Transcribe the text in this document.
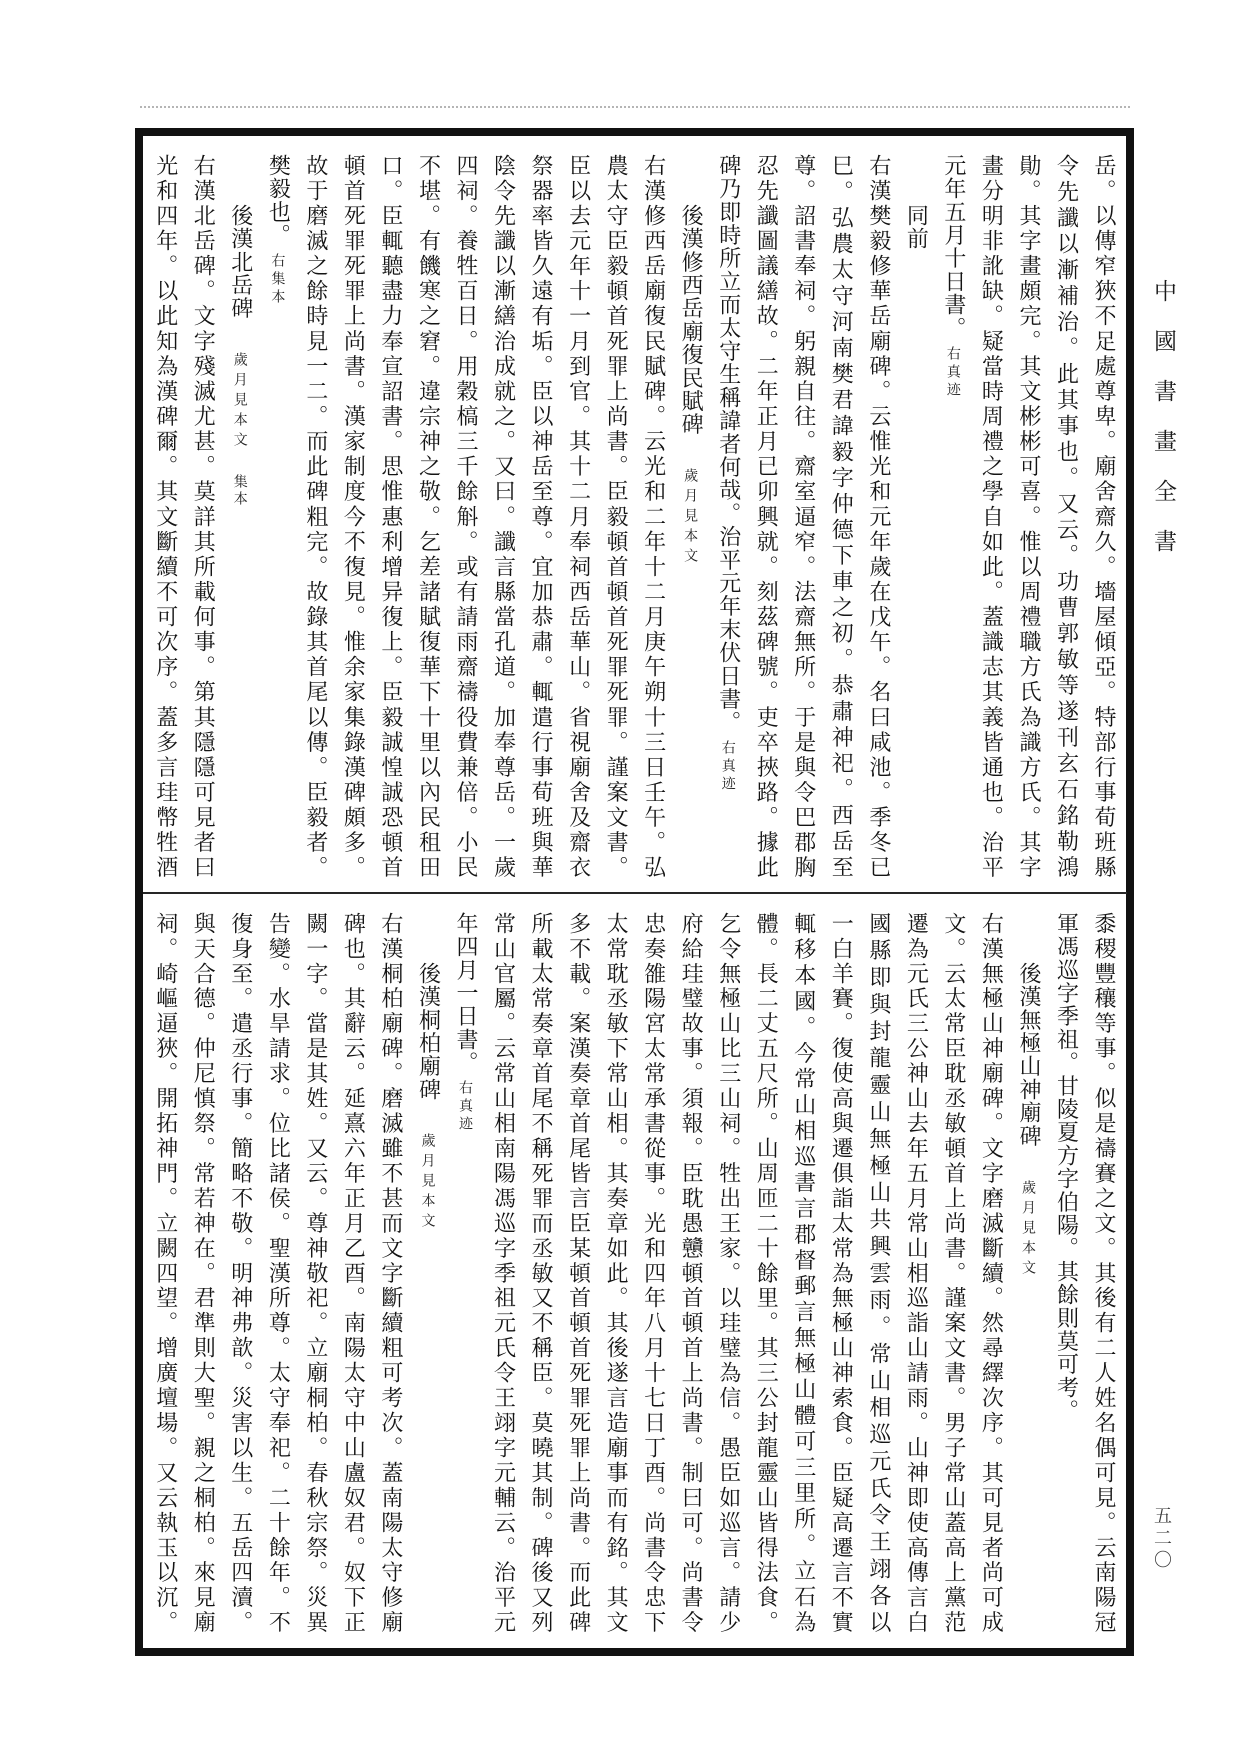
中國書畫全書
五二〇
岳。以傳窄狹不足處尊卑。廟舍齋久。墻屋傾亞。特部行事荀班縣
令先讖以漸補治。此其事也。又云。功曹郭敏等遂刊玄石銘勒鴻
勛。其字畫頗完。其文彬彬可喜。惟以周禮職方氏為識方氏。其字
畫分明非訛缺。疑當時周禮之學自如此。蓋識志其義皆通也。治平
元年五月十日書。右真迹
同前
右漢樊毅修華岳廟碑。云惟光和元年歲在戊午。名曰咸池。季冬已
巳。弘農太守河南樊君諱毅字仲德下車之初。恭肅神祀。西岳至
尊。詔書奉祠。躬親自往。齋室逼窄。法齋無所。于是與令巴郡胸
忍先讖圖議繕故。二年正月已卯興就。刻茲碑號。吏卒挾路。據此
碑乃即時所立而太守生稱諱者何哉。治平元年末伏日書。右真迹
後漢修西岳廟復民賦碑歲月見本文
右漢修西岳廟復民賦碑。云光和二年十二月庚午朔十三日壬午。弘
農太守臣毅頓首死罪上尚書。臣毅頓首頓首死罪死罪。謹案文書。
臣以去元年十一月到官。其十二月奉祠西岳華山。省視廟舍及齋衣
祭器率皆久遠有垢。臣以神岳至尊。宜加恭肅。輒遣行事荀班與華
陰令先讖以漸繕治成就之。又曰。讖言縣當孔道。加奉尊岳。一歲
四祠。養牲百日。用穀槁三千餘斛。或有請雨齋禱役費兼倍。小民
不堪。有饑寒之窘。違宗神之敬。乞差諸賦復華下十里以內民租田
口。臣輒聽盡力奉宣詔書。思惟惠利增异復上。臣毅誠惶誠恐頓首
頓首死罪死罪上尚書。漢家制度今不復見。惟余家集錄漢碑頗多。
故于磨滅之餘時見一二。而此碑粗完。故錄其首尾以傳。臣毅者。
樊毅也。右集本
後漢北岳碑歲月見本文集本
右漢北岳碑。文字殘滅尤甚。莫詳其所載何事。第其隱隱可見者曰
光和四年。以此知為漢碑爾。其文斷續不可次序。蓋多言珪幣牲酒
黍稷豐穰等事。似是禱賽之文。其後有二人姓名偶可見。云南陽冠
軍馮巡字季祖。甘陵夏方字伯陽。其餘則莫可考。
後漢無極山神廟碑歲月見本文
右漢無極山神廟碑。文字磨滅斷續。然尋繹次序。其可見者尚可成
文。云太常臣耽丞敏頓首上尚書。謹案文書。男子常山蓋高上黨范
遷為元氏三公神山去年五月常山相巡詣山請雨。山神即使高傳言白
國縣即與封龍靈山無極山共興雲雨。常山相巡元氏令王翊各以
一白羊賽。復使高與遷俱詣太常為無極山神索食。臣疑高遷言不實
輒移本國。今常山相巡書言郡督郵言無極山體可三里所。立石為
體。長二丈五尺所。山周匝二十餘里。其三公封龍靈山皆得法食。
乞令無極山比三山祠。牲出王家。以珪璧為信。愚臣如巡言。請少
府給珪璧故事。須報。臣耽愚戇頓首頓首上尚書。制曰可。尚書令
忠奏雒陽宮太常承書從事。光和四年八月十七日丁酉。尚書令忠下
太常耽丞敏下常山相。其奏章如此。其後遂言造廟事而有銘。其文
多不載。案漢奏章首尾皆言臣某頓首頓首死罪死罪上尚書。而此碑
所載太常奏章首尾不稱死罪而丞敏又不稱臣。莫曉其制。碑後又列
常山官屬。云常山相南陽馮巡字季祖元氏令王翊字元輔云。治平元
年四月一日書。右真迹
後漢桐柏廟碑歲月見本文
右漢桐柏廟碑。磨滅雖不甚而文字斷續粗可考次。蓋南陽太守修廟
碑也。其辭云。延熹六年正月乙酉。南陽太守中山盧奴君。奴下正
闕一字。當是其姓。又云。尊神敬祀。立廟桐柏。春秋宗祭。災異
告變。水旱請求。位比諸侯。聖漢所尊。太守奉祀。二十餘年。不
復身至。遣丞行事。簡略不敬。明神弗歆。災害以生。五岳四瀆。
與天合德。仲尼慎祭。常若神在。君準則大聖。親之桐柏。來見廟
祠。崎嶇逼狹。開拓神門。立闕四望。增廣壇場。又云執玉以沉。
